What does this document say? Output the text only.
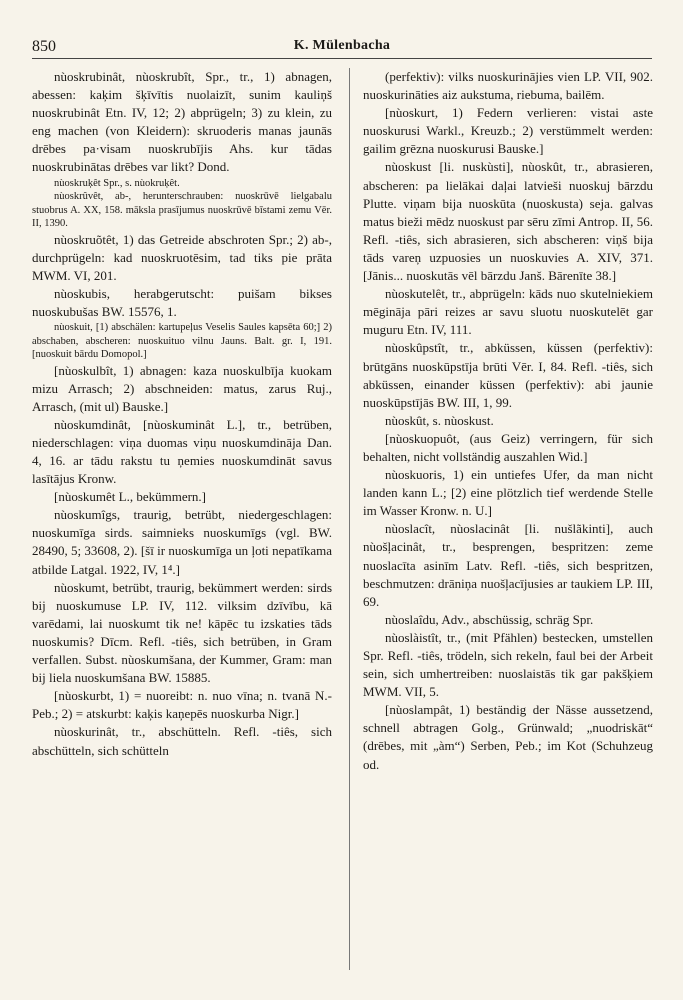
850	K. Mülenbacha

nùoskrubinât, nùoskrubît, Spr., tr., 1) abnagen, abessen: kaķim šķīvītis nuolaizīt, sunim kauliņš nuoskrubinât Etn. IV, 12; 2) abprügeln; 3) zu klein, zu eng machen (von Kleidern): skruoderis manas jaunās drēbes pa·visam nuoskrubījis Ahs. kur tādas nuoskrubinātas drēbes var likt? Dond.

nùoskruķêt Spr., s. nùokruķêt.

nùoskrûvêt, ab-, herunterschrauben: nuoskrūvē lielgabalu stuobrus A. XX, 158. māksla prasījumus nuoskrūvē bīstami zemu Vēr. II, 1390.

nùoskruõtêt, 1) das Getreide abschroten Spr.; 2) ab-, durchprügeln: kad nuoskruotēsim, tad tiks pie prāta MWM. VI, 201.

nùoskubis, herabgerutscht: puišam bikses nuoskubušas BW. 15576, 1.

nùoskuit, [1) abschälen: kartupeļus Veselis Saules kapsēta 60;] 2) abschaben, abscheren: nuoskuituo vilnu Jauns. Balt. gr. I, 191. [nuoskuit bārdu Domopol.]

[nùoskulbît, 1) abnagen: kaza nuoskulbīja kuokam mizu Arrasch; 2) abschneiden: matus, zarus Ruj., Arrasch, (mit ul) Bauske.]

nùoskumdinât, [nùoskuminât L.], tr., betrüben, niederschlagen: viņa duomas viņu nuoskumdināja Dan. 4, 16. ar tādu rakstu tu ņemies nuoskumdināt savus lasītājus Kronw.

[nùoskumêt L., bekümmern.]

nùoskumîgs, traurig, betrübt, niedergeschlagen: nuoskumīga sirds. saimnieks nuoskumīgs (vgl. BW. 28490, 5; 33608, 2). [šī ir nuoskumīga un ļoti nepatīkama atbilde Latgal. 1922, IV, 1⁴.]

nùoskumt, betrübt, traurig, bekümmert werden: sirds bij nuoskumuse LP. IV, 112. vilksim dzīvību, kā varēdami, lai nuoskumt tik ne! kāpēc tu izskaties tāds nuoskumis? Dīcm. Refl. -tiês, sich betrüben, in Gram verfallen. Subst. nùoskumšana, der Kummer, Gram: man bij liela nuoskumšana BW. 15885.

[nùoskurbt, 1) = nuoreibt: n. nuo vīna; n. tvanā N.-Peb.; 2) = atskurbt: kaķis kaņepēs nuoskurba Nigr.]

nùoskurinât, tr., abschütteln. Refl. -tiês, sich abschütteln, sich schütteln

(perfektiv): vilks nuoskurinājies vien LP. VII, 902. nuoskurināties aiz aukstuma, riebuma, bailēm.

[nùoskurt, 1) Federn verlieren: vistai aste nuoskurusi Warkl., Kreuzb.; 2) verstümmelt werden: gailim grēzna nuoskurusi Bauske.]

nùoskust [li. nuskùsti], nùoskût, tr., abrasieren, abscheren: pa lielākai daļai latvieši nuoskuj bārzdu Plutte. viņam bija nuoskūta (nuoskusta) seja. galvas matus bieži mēdz nuoskust par sēru zīmi Antrop. II, 56. Refl. -tiês, sich abrasieren, sich abscheren: viņš bija tāds vareņ uzpuosies un nuoskuvies A. XIV, 371. [Jānis... nuoskutās vēl bārzdu Janš. Bārenīte 38.]

nùoskutelêt, tr., abprügeln: kāds nuo skutelniekiem mēgināja pāri reizes ar savu sluotu nuoskutelēt gar muguru Etn. IV, 111.

nùoskûpstît, tr., abküssen, küssen (perfektiv): brūtgāns nuoskūpstīja brūti Vēr. I, 84. Refl. -tiês, sich abküssen, einander küssen (perfektiv): abi jaunie nuoskūpstījās BW. III, 1, 99.

nùoskût, s. nùoskust.

[nùoskuopuôt, (aus Geiz) verringern, für sich behalten, nicht vollständig auszahlen Wid.]

nùoskuoris, 1) ein untiefes Ufer, da man nicht landen kann L.; [2) eine plötzlich tief werdende Stelle im Wasser Kronw. n. U.]

nùoslacît, nùoslacinât [li. nušlãkinti], auch nùošļacinât, tr., besprengen, bespritzen: zeme nuoslacīta asinīm Latv. Refl. -tiês, sich bespritzen, beschmutzen: drāniņa nuošļacījusies ar taukiem LP. III, 69.

nùoslaîdu, Adv., abschüssig, schräg Spr.

nùoslàistît, tr., (mit Pfählen) bestecken, umstellen Spr. Refl. -tiês, trödeln, sich rekeln, faul bei der Arbeit sein, sich umhertreiben: nuoslaistās tik gar pakšķiem MWM. VII, 5.

[nùoslampât, 1) beständig der Nässe aussetzend, schnell abtragen Golg., Grünwald; „nuodriskāt“ (drēbes, mit „àm“) Serben, Peb.; im Kot (Schuhzeug od.
